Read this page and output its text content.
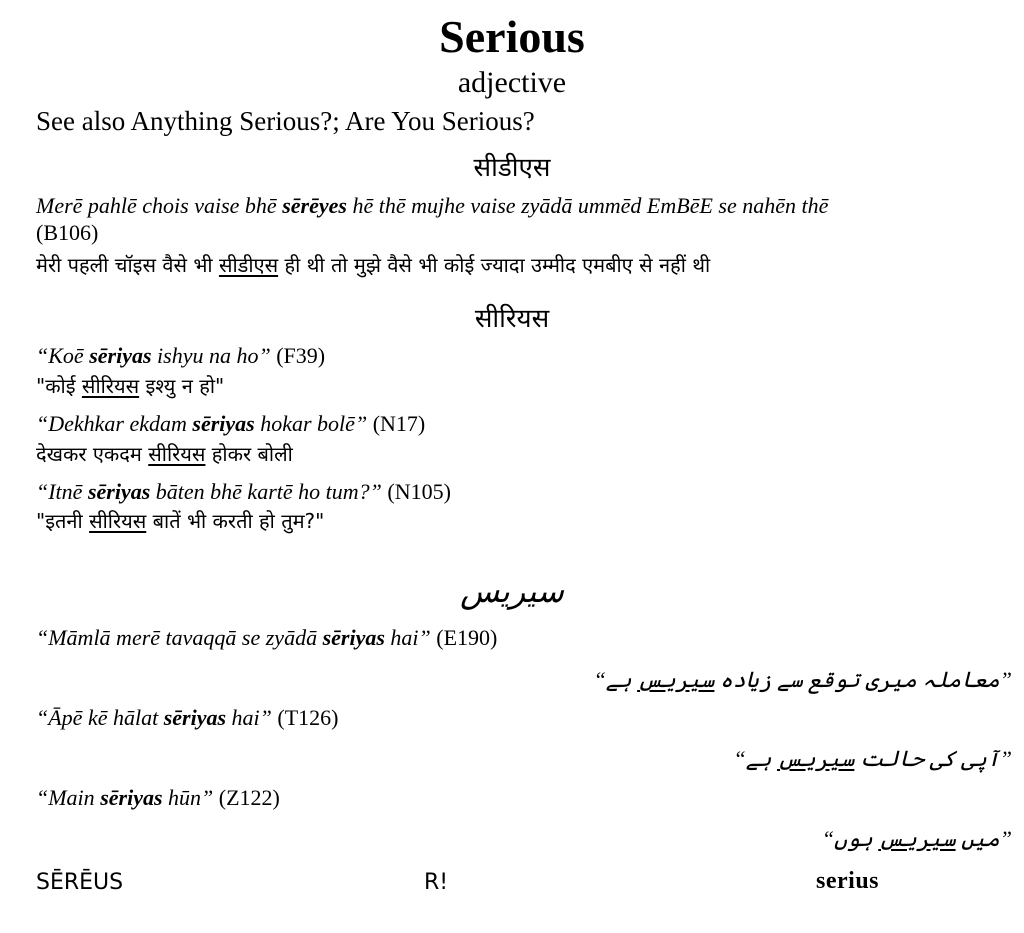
Serious
adjective
See also Anything Serious?; Are You Serious?
सीडीएस
Merē pahlē chois vaise bhē sērēyes hē thē mujhe vaise zyādā ummēd EmBēE se nahēn thē
(B106)
मेरी पहली चॉइस वैसे भी सीडीएस ही थी तो मुझे वैसे भी कोई ज्यादा उम्मीद एमबीए से नहीं थी
सीरियस
“Koē sēriyas ishyu na ho” (F39)
"कोई सीरियस इश्यु न हो"
“Dekhkar ekdam sēriyas hokar bolē” (N17)
देखकर एकदम सीरियस होकर बोली
“Itnē sēriyas bāten bhē kartē ho tum?” (N105)
"इतनी सीरियस बातें भी करती हो तुम?"
سیریس
“Māmlā merē tavaqqā se zyādā sēriyas hai” (E190)
”معاملہ میری توقع سے زیادہ سیریس ہے“
“Āpē kē hālat sēriyas hai” (T126)
”آپی کی حالت سیریس ہے“
“Main sēriyas hūn” (Z122)
”میں سیریس ہوں“
SĒRĒUS	R!	serius
